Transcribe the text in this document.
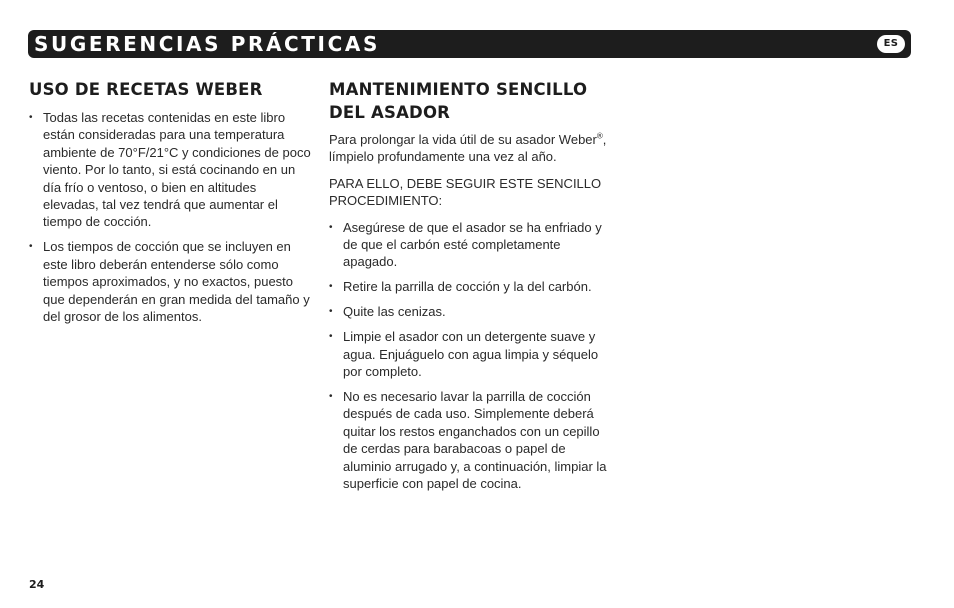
SUGERENCIAS PRÁCTICAS	ES
USO DE RECETAS WEBER
• Todas las recetas contenidas en este libro están consideradas para una temperatura ambiente de 70°F/21°C y condiciones de poco viento. Por lo tanto, si está cocinando en un día frío o ventoso, o bien en altitudes elevadas, tal vez tendrá que aumentar el tiempo de cocción.
• Los tiempos de cocción que se incluyen en este libro deberán entenderse sólo como tiempos aproximados, y no exactos, puesto que dependerán en gran medida del tamaño y del grosor de los alimentos.
MANTENIMIENTO SENCILLO
DEL ASADOR

Para prolongar la vida útil de su asador Weber®, límpielo profundamente una vez al año.

PARA ELLO, DEBE SEGUIR ESTE SENCILLO PROCEDIMIENTO:

• Asegúrese de que el asador se ha enfriado y de que el carbón esté completamente apagado.
• Retire la parrilla de cocción y la del carbón.
• Quite las cenizas.
• Limpie el asador con un detergente suave y agua. Enjuáguelo con agua limpia y séquelo por completo.
• No es necesario lavar la parrilla de cocción después de cada uso. Simplemente deberá quitar los restos enganchados con un cepillo de cerdas para barabacoas o papel de aluminio arrugado y, a continuación, limpiar la superficie con papel de cocina.
24
